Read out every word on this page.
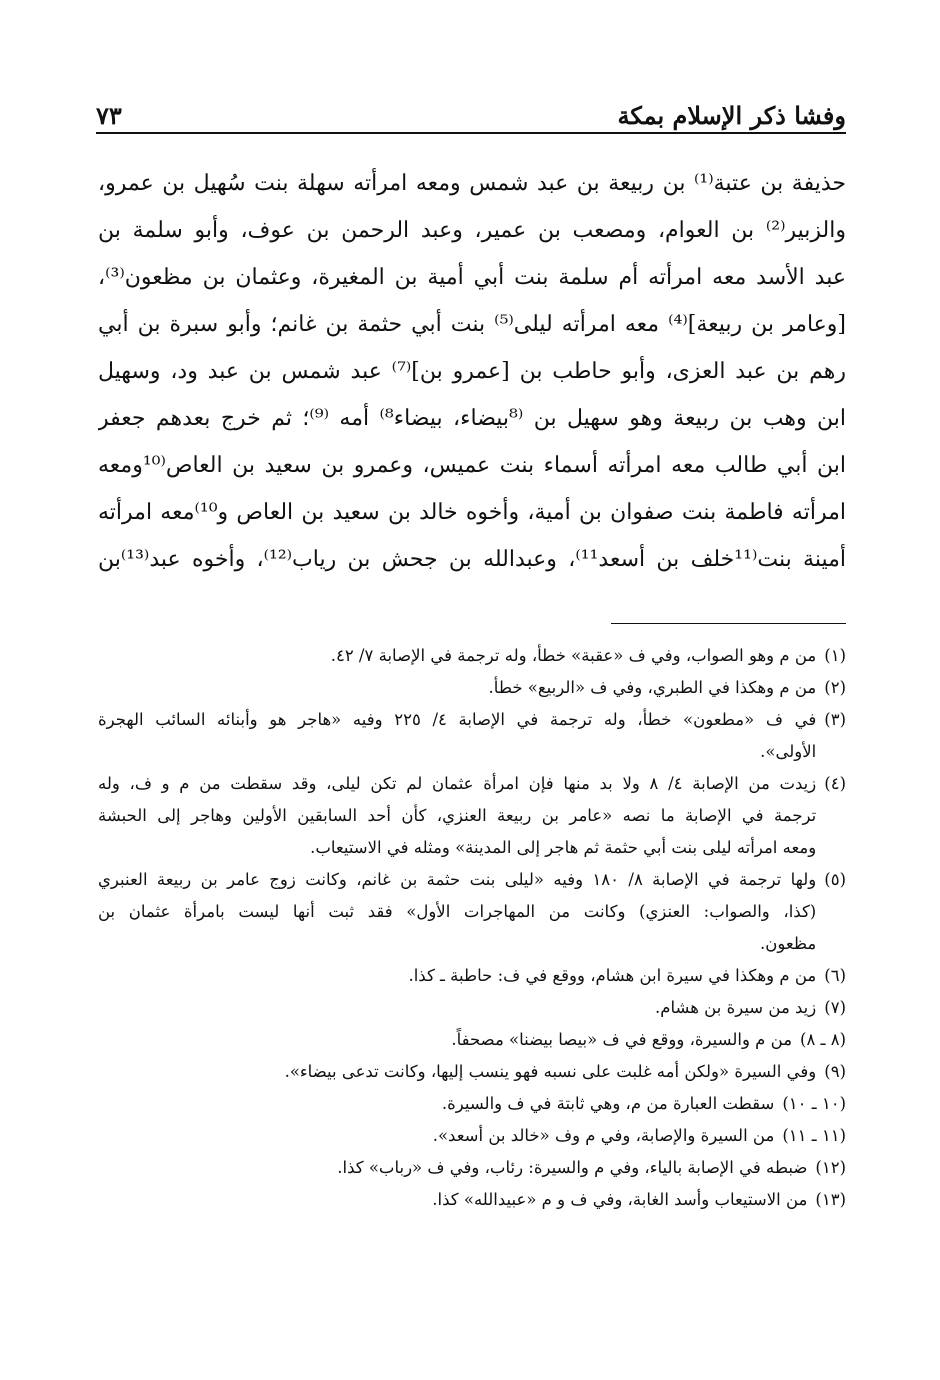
وفشا ذكر الإسلام بمكة
٧٣
حذيفة بن عتبة⁽¹⁾ بن ربيعة بن عبد شمس ومعه امرأته سهلة بنت سُهيل بن عمرو،
والزبير⁽²⁾ بن العوام، ومصعب بن عمير، وعبد الرحمن بن عوف، وأبو سلمة بن
عبد الأسد معه امرأته أم سلمة بنت أبي أمية بن المغيرة، وعثمان بن مظعون⁽³⁾،
[وعامر بن ربيعة]⁽⁴⁾ معه امرأته ليلى⁽⁵⁾ بنت أبي حثمة بن غانم؛ وأبو سبرة بن أبي
رهم بن عبد العزى، وأبو حاطب بن [عمرو بن]⁽⁷⁾ عبد شمس بن عبد ود، وسهيل
ابن وهب بن ربيعة وهو سهيل بن ⁽⁸بيضاء، بيضاء⁸⁾ أمه ⁽⁹⁾؛ ثم خرج بعدهم جعفر
ابن أبي طالب معه امرأته أسماء بنت عميس، وعمرو بن سعيد بن العاص⁽¹⁰ومعه
امرأته فاطمة بنت صفوان بن أمية، وأخوه خالد بن سعيد بن العاص و¹⁰⁾معه امرأته
أمينة بنت⁽¹¹خلف بن أسعد¹¹⁾، وعبدالله بن جحش بن رياب⁽¹²⁾، وأخوه عبد⁽¹³⁾بن
(١)
من م وهو الصواب، وفي ف «عقبة» خطأ، وله ترجمة في الإصابة ٧/ ٤٢.
(٢)
من م وهكذا في الطبري، وفي ف «الربيع» خطأ.
(٣)
في ف «مطعون» خطأ، وله ترجمة في الإصابة ٤/ ٢٢٥ وفيه «هاجر هو وأبنائه السائب الهجرة
الأولى».
(٤)
زيدت من الإصابة ٤/ ٨ ولا بد منها فإن امرأة عثمان لم تكن ليلى، وقد سقطت من م و ف، وله
ترجمة في الإصابة ما نصه «عامر بن ربيعة العنزي، كأن أحد السابقين الأولين وهاجر إلى الحبشة
ومعه امرأته ليلى بنت أبي حثمة ثم هاجر إلى المدينة» ومثله في الاستيعاب.
(٥)
ولها ترجمة في الإصابة ٨/ ١٨٠ وفيه «ليلى بنت حثمة بن غانم، وكانت زوج عامر بن ربيعة العنبري
(كذا، والصواب: العنزي) وكانت من المهاجرات الأول» فقد ثبت أنها ليست بامرأة عثمان بن
مظعون.
(٦)
من م وهكذا في سيرة ابن هشام، ووقع في ف: حاطبة ـ كذا.
(٧)
زيد من سيرة بن هشام.
(٨ ـ ٨)
من م والسيرة، ووقع في ف «بيصا بيضنا» مصحفاً.
(٩)
وفي السيرة «ولكن أمه غلبت على نسبه فهو ينسب إليها، وكانت تدعى بيضاء».
(١٠ ـ ١٠)
سقطت العبارة من م، وهي ثابتة في ف والسيرة.
(١١ ـ ١١)
من السيرة والإصابة، وفي م وف «خالد بن أسعد».
(١٢)
ضبطه في الإصابة بالياء، وفي م والسيرة: رئاب، وفي ف «رباب» كذا.
(١٣)
من الاستيعاب وأسد الغابة، وفي ف و م «عبيدالله» كذا.
